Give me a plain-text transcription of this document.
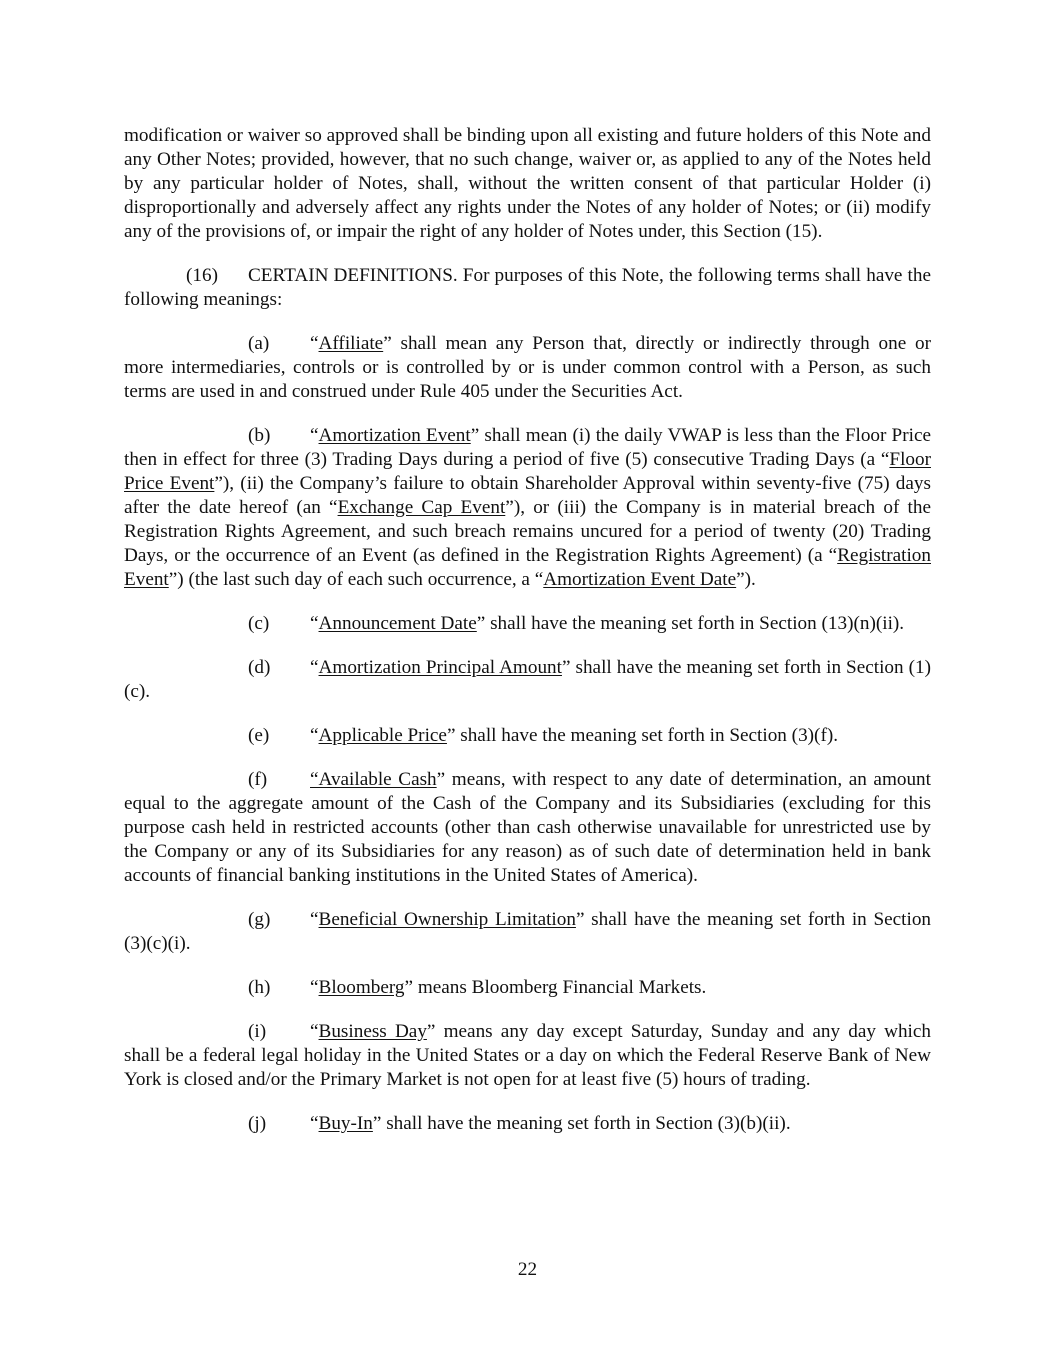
modification or waiver so approved shall be binding upon all existing and future holders of this Note and any Other Notes; provided, however, that no such change, waiver or, as applied to any of the Notes held by any particular holder of Notes, shall, without the written consent of that particular Holder (i) disproportionally and adversely affect any rights under the Notes of any holder of Notes; or (ii) modify any of the provisions of, or impair the right of any holder of Notes under, this Section (15).

(16) CERTAIN DEFINITIONS. For purposes of this Note, the following terms shall have the following meanings:

(a) “Affiliate” shall mean any Person that, directly or indirectly through one or more intermediaries, controls or is controlled by or is under common control with a Person, as such terms are used in and construed under Rule 405 under the Securities Act.

(b) “Amortization Event” shall mean (i) the daily VWAP is less than the Floor Price then in effect for three (3) Trading Days during a period of five (5) consecutive Trading Days (a “Floor Price Event”), (ii) the Company’s failure to obtain Shareholder Approval within seventy-five (75) days after the date hereof (an “Exchange Cap Event”), or (iii) the Company is in material breach of the Registration Rights Agreement, and such breach remains uncured for a period of twenty (20) Trading Days, or the occurrence of an Event (as defined in the Registration Rights Agreement) (a “Registration Event”) (the last such day of each such occurrence, a “Amortization Event Date”).

(c) “Announcement Date” shall have the meaning set forth in Section (13)(n)(ii).

(d) “Amortization Principal Amount” shall have the meaning set forth in Section (1)(c).

(e) “Applicable Price” shall have the meaning set forth in Section (3)(f).

(f) “Available Cash” means, with respect to any date of determination, an amount equal to the aggregate amount of the Cash of the Company and its Subsidiaries (excluding for this purpose cash held in restricted accounts (other than cash otherwise unavailable for unrestricted use by the Company or any of its Subsidiaries for any reason) as of such date of determination held in bank accounts of financial banking institutions in the United States of America).

(g) “Beneficial Ownership Limitation” shall have the meaning set forth in Section (3)(c)(i).

(h) “Bloomberg” means Bloomberg Financial Markets.

(i) “Business Day” means any day except Saturday, Sunday and any day which shall be a federal legal holiday in the United States or a day on which the Federal Reserve Bank of New York is closed and/or the Primary Market is not open for at least five (5) hours of trading.

(j) “Buy-In” shall have the meaning set forth in Section (3)(b)(ii).

22
